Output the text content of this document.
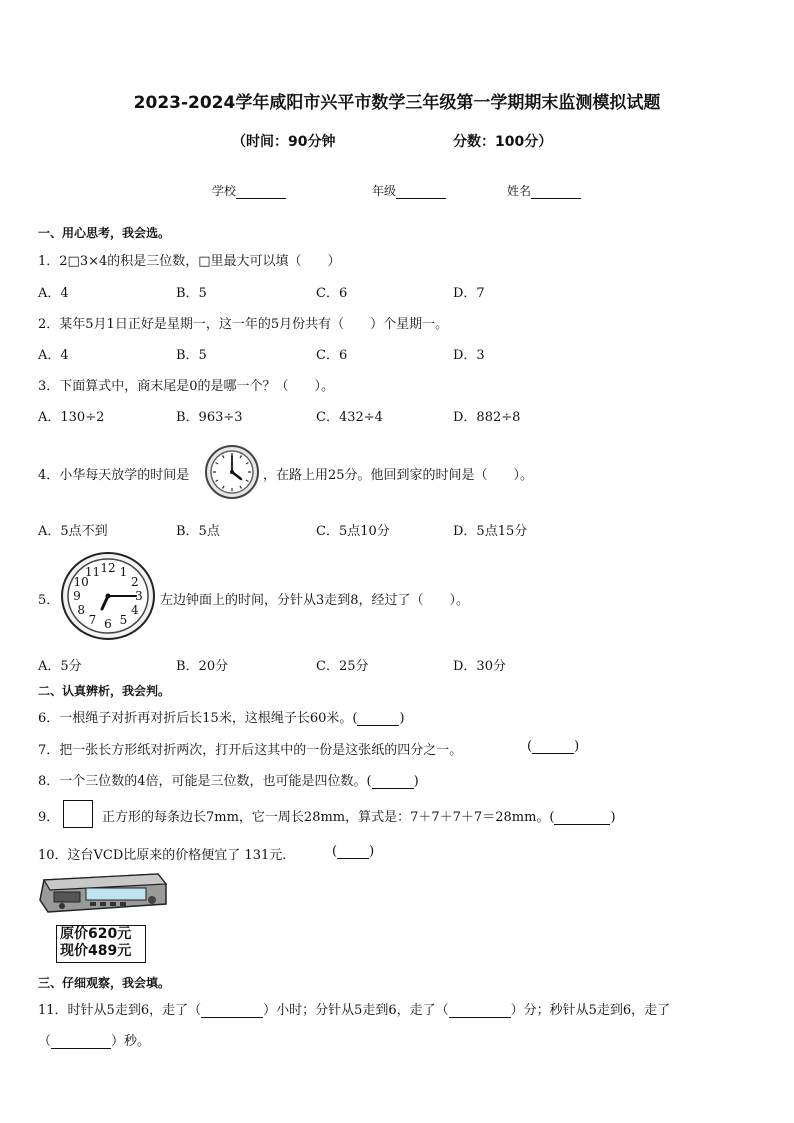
2023-2024学年咸阳市兴平市数学三年级第一学期期末监测模拟试题
（时间：90分钟	分数：100分）
学校	年级	姓名
一、用心思考，我会选。
1．2□3×4的积是三位数，□里最大可以填（　　）
A．4	B．5	C．6	D．7
2．某年5月1日正好是星期一，这一年的5月份共有（　　）个星期一。
A．4	B．5	C．6	D．3
3．下面算式中，商末尾是0的是哪一个？（　　）。
A．130÷2	B．963÷3	C．432÷4	D．882÷8
4．小华每天放学的时间是	，在路上用25分。他回到家的时间是（　　）。
A．5点不到	B．5点	C．5点10分	D．5点15分
5．
1
2
3
4
5
6
7
8
9
10
11 12
左边钟面上的时间，分针从3走到8，经过了（　　）。
A．5分	B．20分	C．25分	D．30分
二、认真辨析，我会判。
6．一根绳子对折再对折后长15米，这根绳子长60米。(	)
7．把一张长方形纸对折两次，打开后这其中的一份是这张纸的四分之一。	(	)
8．一个三位数的4倍，可能是三位数，也可能是四位数。(	)
9．	正方形的每条边长7mm，它一周长28mm，算式是：7＋7＋7＋7＝28mm。(	)
10．这台VCD比原来的价格便宜了 131元．	( )
原价620元
现价489元
三、仔细观察，我会填。
11．时针从5走到6，走了（	）小时；分针从5走到6，走了（	）分；秒针从5走到6，走了
（	）秒。
